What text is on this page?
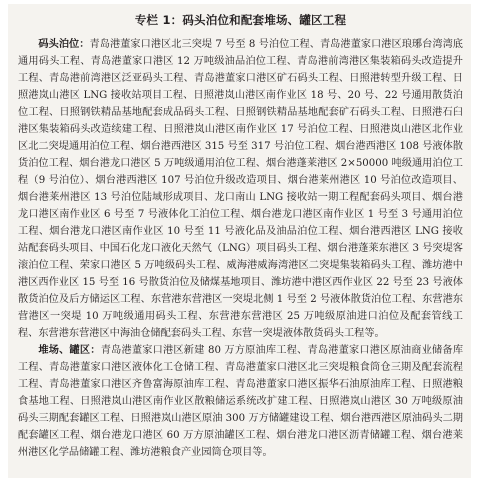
专栏 1：码头泊位和配套堆场、罐区工程

码头泊位：青岛港董家口港区北三突堤 7 号至 8 号泊位工程、青岛港董家口港区琅琊台湾湾底通用码头工程、青岛港董家口港区 12 万吨级油品泊位工程、青岛港前湾港区集装箱码头改造提升工程、青岛港前湾港区泛亚码头工程、青岛港董家口港区矿石码头工程、日照港转型升级工程、日照港岚山港区 LNG 接收站项目工程、日照港岚山港区南作业区 18 号、20 号、22 号通用散货泊位工程、日照钢铁精品基地配套成品码头工程、日照钢铁精品基地配套矿石码头工程、日照港石臼港区集装箱码头改造续建工程、日照港岚山港区南作业区 17 号泊位工程、日照港岚山港区北作业区北二突堤通用泊位工程、烟台港西港区 315 号至 317 号泊位工程、烟台港西港区 108 号液体散货泊位工程、烟台港龙口港区 5 万吨级通用泊位工程、烟台港蓬莱港区 2×50000 吨级通用泊位工程（9 号泊位）、烟台港西港区 107 号泊位升级改造项目、烟台港莱州港区 10 号泊位改造项目、烟台港莱州港区 13 号泊位陆域形成项目、龙口南山 LNG 接收站一期工程配套码头项目、烟台港龙口港区南作业区 6 号至 7 号液体化工泊位工程、烟台港龙口港区南作业区 1 号至 3 号通用泊位工程、烟台港龙口港区南作业区 10 号至 11 号液化品及油品泊位工程、烟台港西港区 LNG 接收站配套码头项目、中国石化龙口液化天然气（LNG）项目码头工程、烟台港蓬莱东港区 3 号突堤客滚泊位工程、荣家口港区 5 万吨级码头工程、威海港威海湾港区二突堤集装箱码头工程、潍坊港中港区西作业区 15 号至 16 号散货泊位及储煤基地项目、潍坊港中港区西作业区 22 号至 23 号液体散货泊位及后方储运区工程、东营港东营港区一突堤北侧 1 号至 2 号液体散货泊位工程、东营港东营港区一突堤 10 万吨级通用码头工程、东营港东营港区 25 万吨级原油进口泊位及配套管线工程、东营港东营港区中海油仓储配套码头工程、东营一突堤液体散货码头工程等。

堆场、罐区：青岛港董家口港区新建 80 万方原油库工程、青岛港董家口港区原油商业储备库工程、青岛港董家口港区液体化工仓储工程、青岛港董家口港区北三突堤粮食筒仓三期及配套流程工程、青岛港董家口港区齐鲁富海原油库工程、青岛港董家口港区振华石油原油库工程、日照港粮食基地工程、日照港岚山港区南作业区散粮储运系统改扩建工程、日照港岚山港区 30 万吨级原油码头三期配套罐区工程、日照港岚山港区原油 300 万方储罐建设工程、烟台港西港区原油码头二期配套罐区工程、烟台港龙口港区 60 万方原油罐区工程、烟台港龙口港区沥青储罐工程、烟台港莱州港区化学品储罐工程、潍坊港粮食产业园筒仓项目等。
